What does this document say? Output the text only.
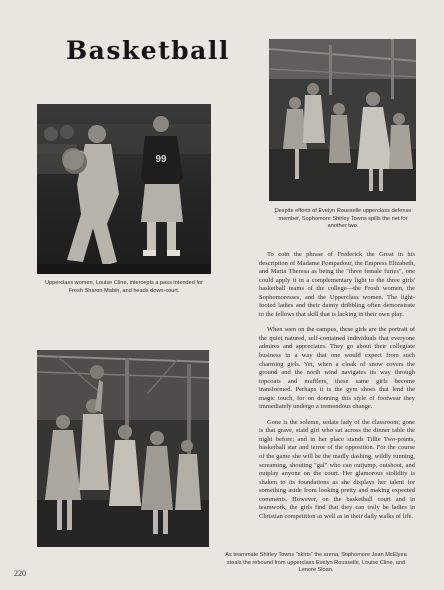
Basketball
99

Upperclass women, Louise Cline, intercepts a pass intended for Frosh Sharon Mabin, and heads down-court.

Despite efforts of Evelyn Rousselle upperclass defense member, Sophomore Shirley Towns spills the net for another two.

As teammate Shirley Towns "skirts" the arena, Sophomore Jean McElyea steals the rebound from upperclass Evelyn Rousselle, Louise Cline, and Lenore Sloan.

To coin the phrase of Frederick the Great in his description of Madame Pompadour, the Empress Elizabeth, and Maria Theresa as being the "three female furies", one could apply it in a complementary light to the three girls' basketball teams of the college—the Frosh women, the Sophomoresses, and the Upperclass women. The light-footed ladies and their dainty dribbling often demonstrate to the fellows that skill that is lacking in their own play.

When seen on the campus, these girls are the portrait of the quiet natured, self-contained individuals that everyone admires and appreciates. They go about their collegiate business in a way that one would expect from such charming girls. Yet, when a cloak of snow covers the ground and the north wind navigates its way through topcoats and mufflers, these same girls become transformed. Perhaps it is the gym shoes that lend the magic touch, for on donning this style of footwear they immediately undergo a tremendous change.

Gone is the solemn, sedate lady of the classroom; gone is that grave, staid girl who sat across the dinner table the night before; and in her place stands Tillie Two-points, basketball star and terror of the opposition. For the course of the game she will be the madly dashing, wildly running, screaming, shouting "gal" who can outjump, outshoot, and outplay anyone on the court. Her glamorous stolidity is shaken to its foundations as she displays her talent for something aside from looking pretty and making expected comments. However, on the basketball court and in teamwork, the girls find that they can truly be ladies in Christian competition as well as in their daily walks of life.

220
